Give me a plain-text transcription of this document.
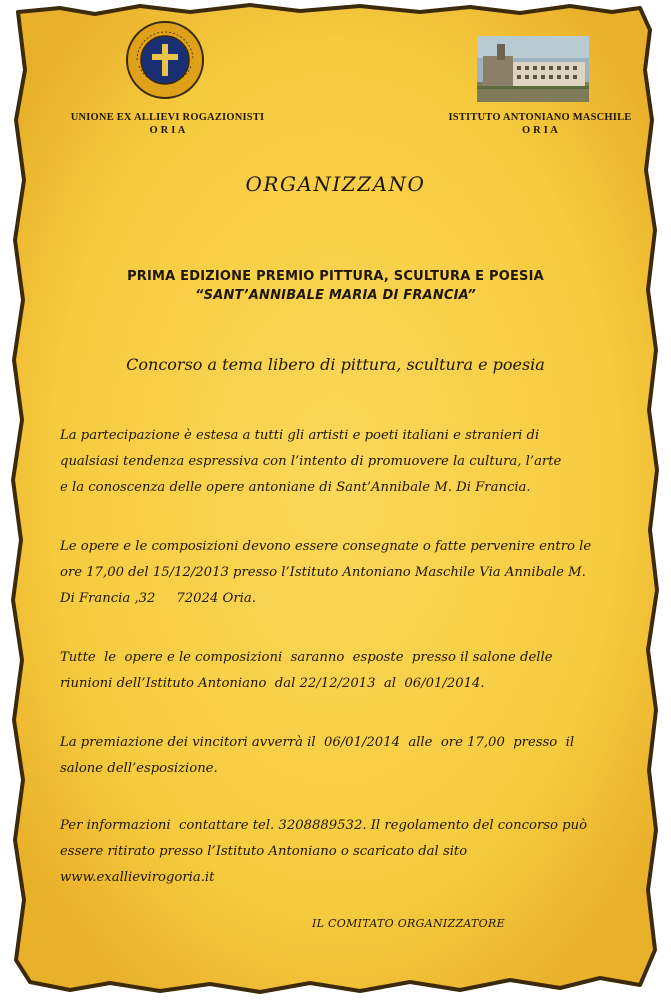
UNIONE EX ALLIEVI ROGAZIONISTI
O R I A
ISTITUTO ANTONIANO MASCHILE
O R I A
ORGANIZZANO
PRIMA EDIZIONE PREMIO PITTURA, SCULTURA E POESIA
“SANT’ANNIBALE MARIA DI FRANCIA”
Concorso a tema libero di pittura, scultura e poesia
La partecipazione è estesa a tutti gli artisti e poeti italiani e stranieri di
qualsiasi tendenza espressiva con l’intento di promuovere la cultura, l’arte
e la conoscenza delle opere antoniane di Sant’Annibale M. Di Francia.
Le opere e le composizioni devono essere consegnate o fatte pervenire entro le
ore 17,00 del 15/12/2013 presso l’Istituto Antoniano Maschile Via Annibale M.
Di Francia ,32     72024 Oria.
Tutte  le  opere e le composizioni  saranno  esposte  presso il salone delle
riunioni dell’Istituto Antoniano  dal 22/12/2013  al  06/01/2014.
La premiazione dei vincitori avverrà il  06/01/2014  alle  ore 17,00  presso  il
salone dell’esposizione.
Per informazioni  contattare tel. 3208889532. Il regolamento del concorso può
essere ritirato presso l’Istituto Antoniano o scaricato dal sito
www.exallievirogoria.it
IL COMITATO ORGANIZZATORE
